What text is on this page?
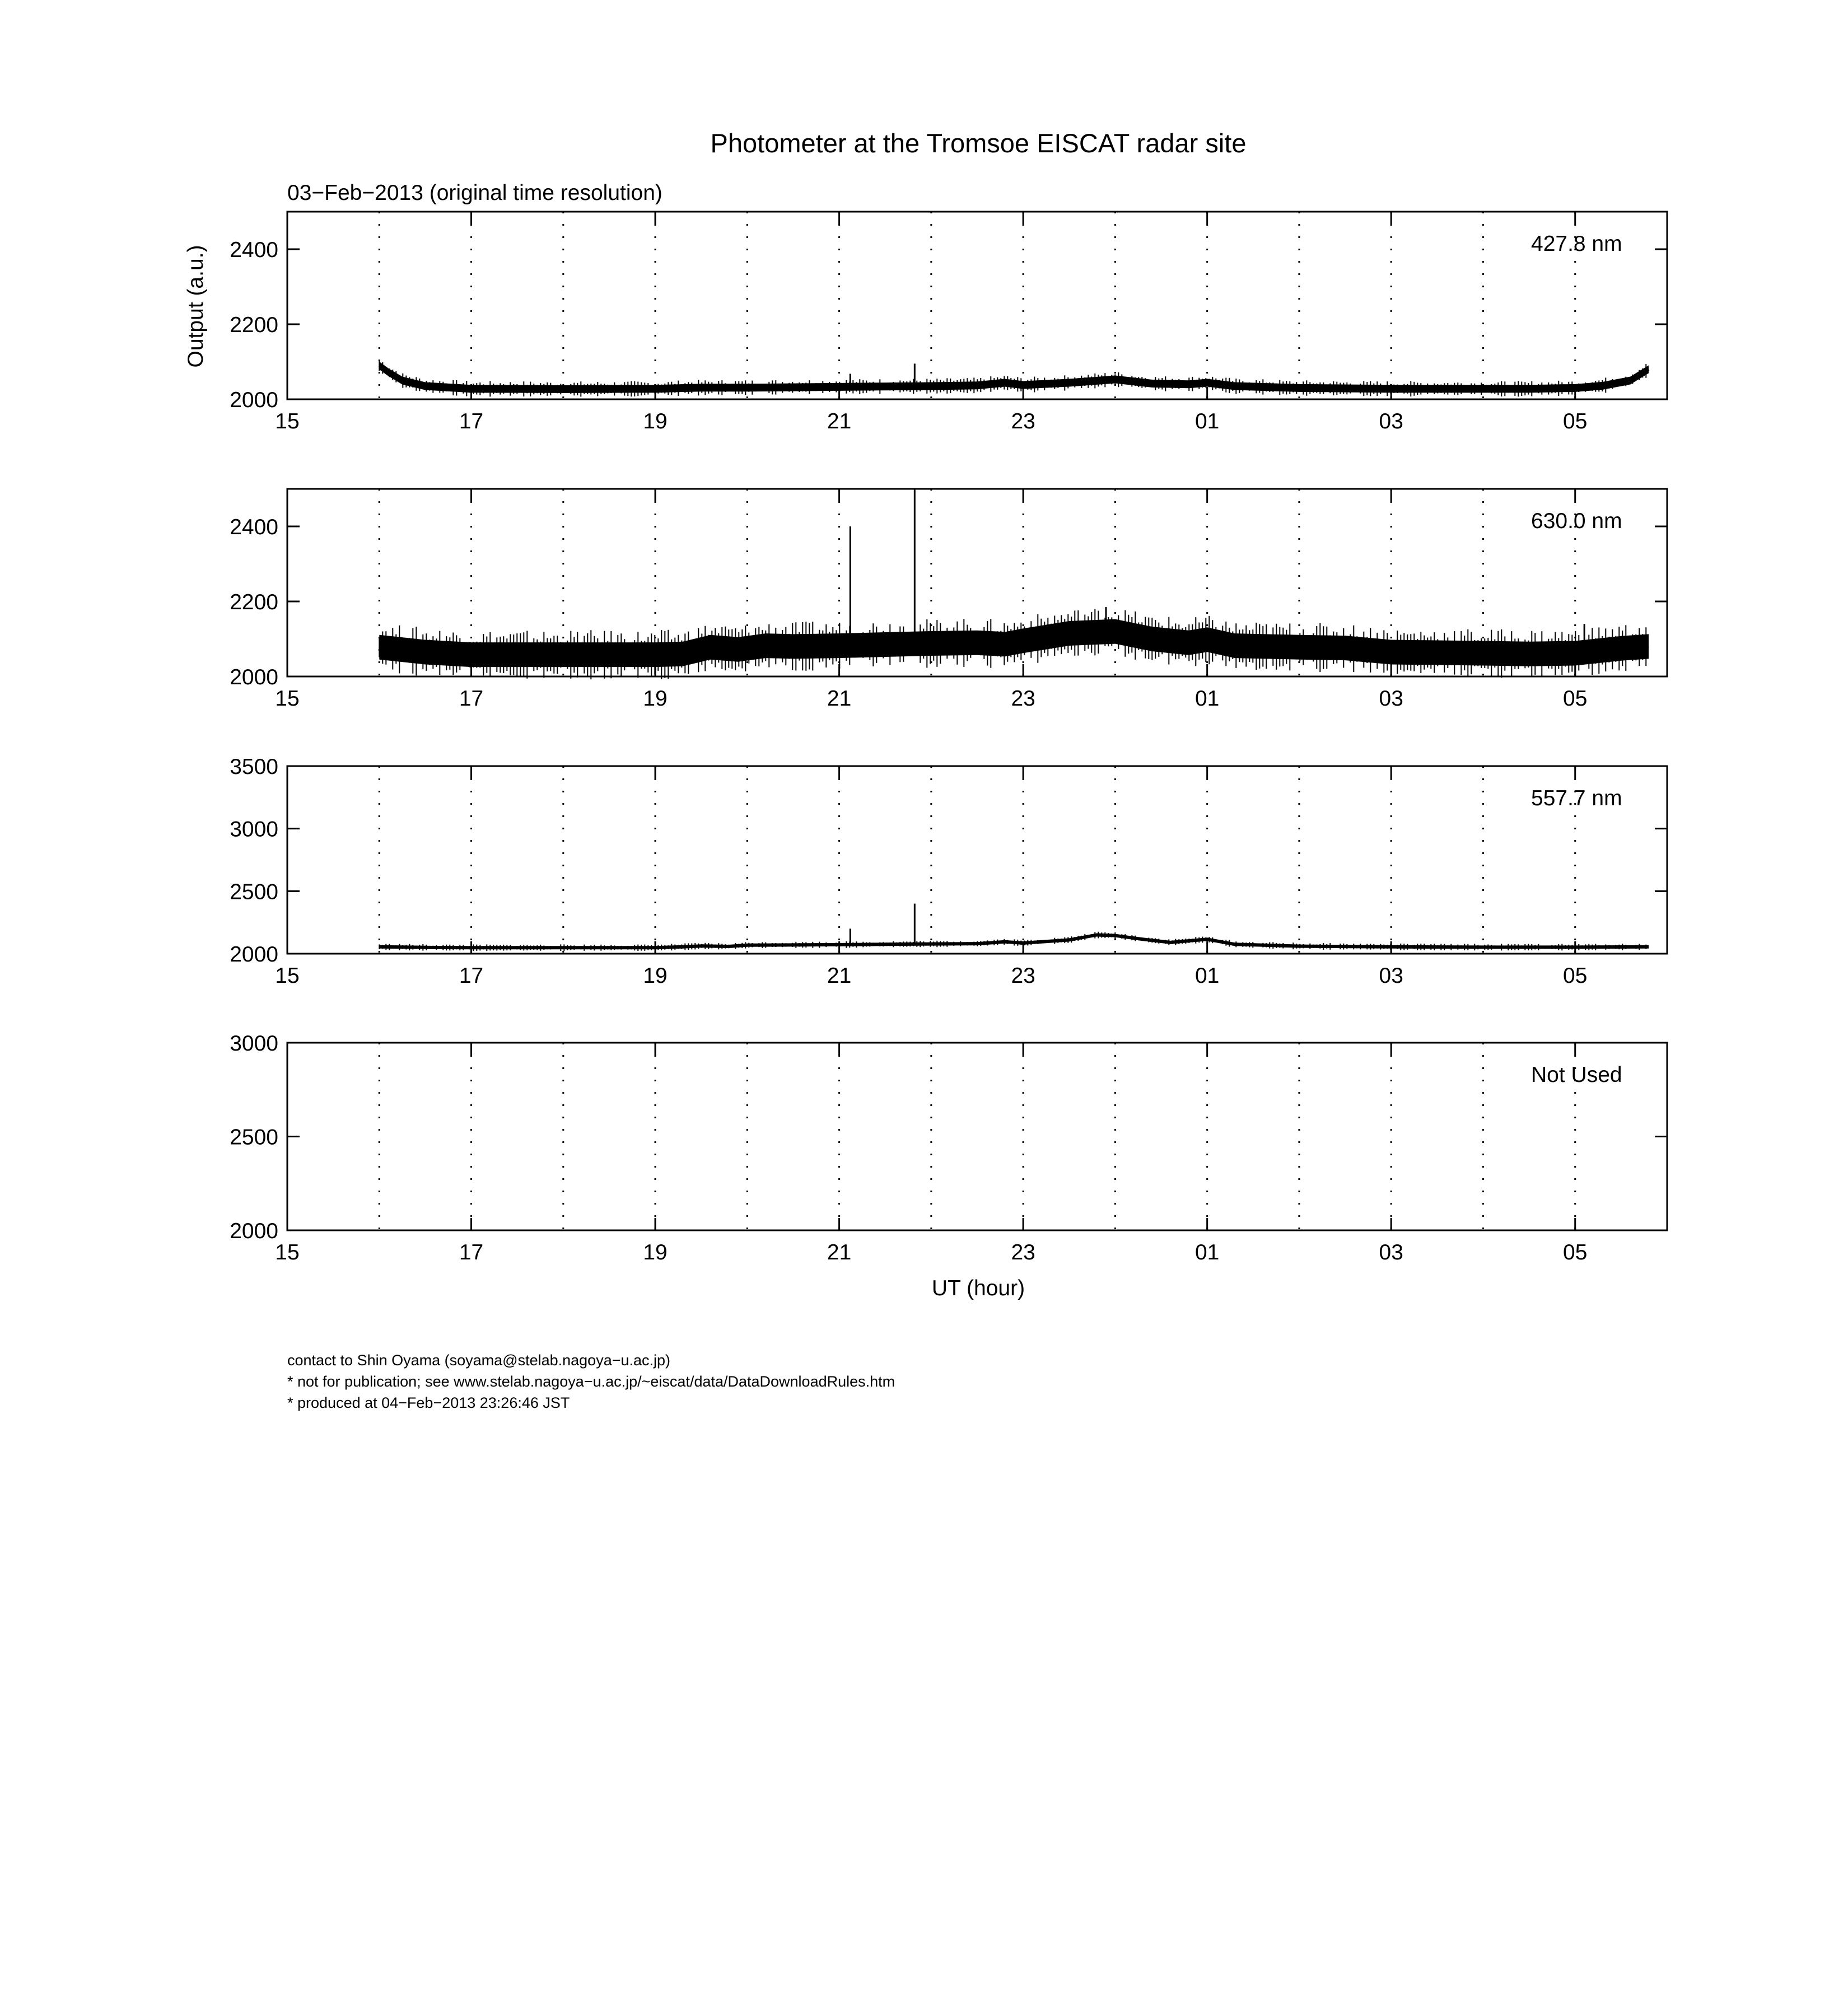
Photometer at the Tromsoe EISCAT radar site
03−Feb−2013 (original time resolution)
Output (a.u.)
UT (hour)
2000
2200
2400
15	17	19	21	23	01	03	05
427.8 nm
2000
2200
2400
15	17	19	21	23	01	03	05
630.0 nm
2000
2500
3000
3500
15	17	19	21	23	01	03	05
557.7 nm
2000
2500
3000
15	17	19	21	23	01	03	05
Not Used
contact to Shin Oyama (soyama@stelab.nagoya−u.ac.jp)
* not for publication; see www.stelab.nagoya−u.ac.jp/~eiscat/data/DataDownloadRules.htm
* produced at 04−Feb−2013 23:26:46 JST
